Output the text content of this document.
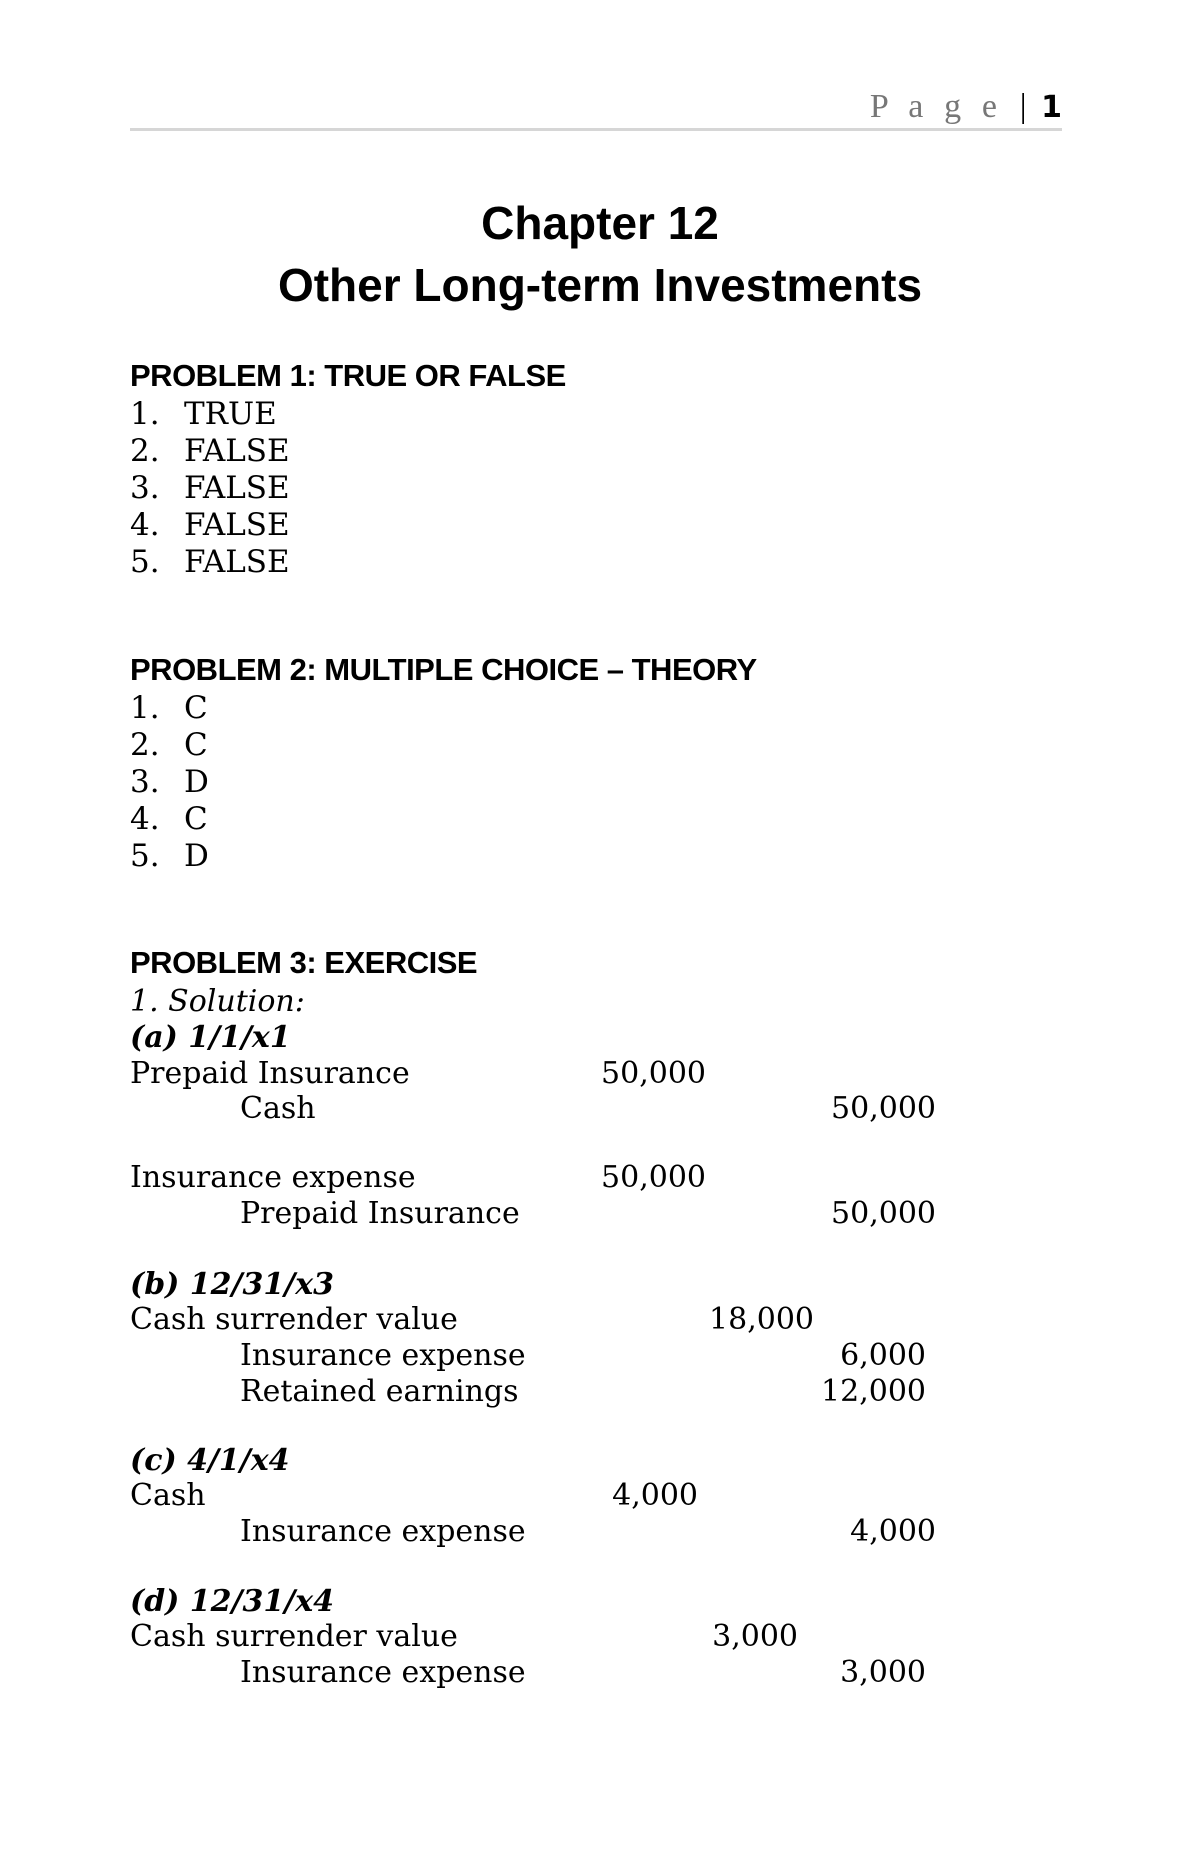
P a g e | 1
Chapter 12
Other Long-term Investments
PROBLEM 1: TRUE OR FALSE
1. TRUE
2. FALSE
3. FALSE
4. FALSE
5. FALSE
PROBLEM 2: MULTIPLE CHOICE – THEORY
1. C
2. C
3. D
4. C
5. D
PROBLEM 3: EXERCISE
1. Solution:
(a) 1/1/x1
Prepaid Insurance	50,000
Cash	50,000
Insurance expense	50,000
Prepaid Insurance	50,000
(b) 12/31/x3
Cash surrender value	18,000
Insurance expense	6,000
Retained earnings	12,000
(c) 4/1/x4
Cash	4,000
Insurance expense	4,000
(d) 12/31/x4
Cash surrender value	3,000
Insurance expense	3,000
